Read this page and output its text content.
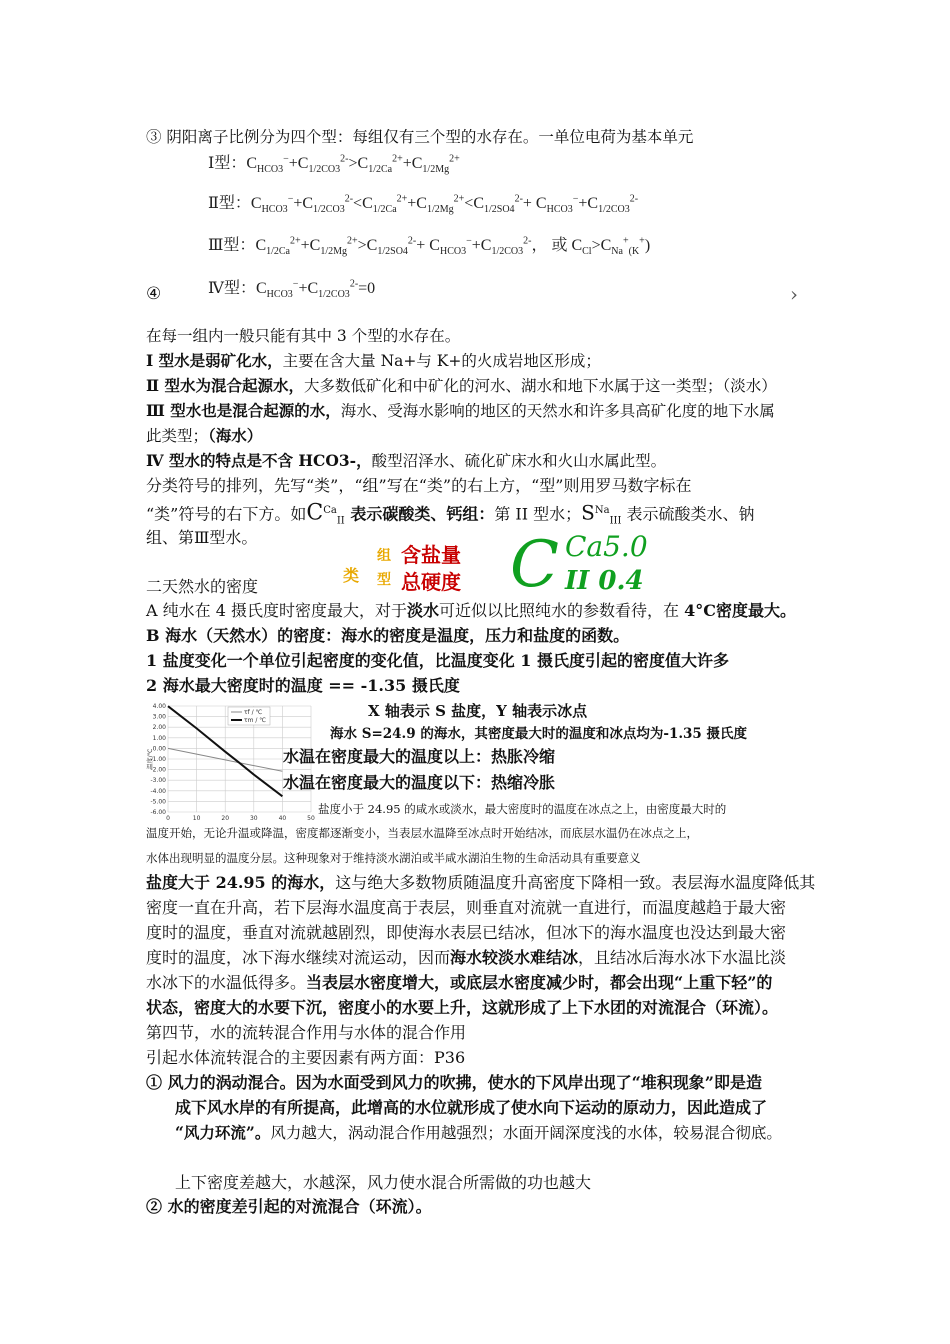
③ 阴阳离子比例分为四个型：每组仅有三个型的水存在。一单位电荷为基本单元
Ⅰ型：$C_{HCO3}^-+C_{1/2CO3}^{2-}>C_{1/2Ca}^{2+}+C_{1/2Mg}^{2+}$
Ⅱ型：$C_{HCO3}^-+C_{1/2CO3}^{2-}<C_{1/2Ca}^{2+}+C_{1/2Mg}^{2+}<C_{1/2SO4}^{2-}+ C_{HCO3}^-+C_{1/2CO3}^{2-}$
Ⅲ型：$C_{1/2Ca}^{2+}+C_{1/2Mg}^{2+}>C_{1/2SO4}^{2-}+ C_{HCO3}^-+C_{1/2CO3}^{2-}$， 或 $C_{Cl}>C_{Na}^+_{(K}^+$)
④	Ⅳ型：$C_{HCO3}^-+C_{1/2CO3}^{2-}=0$	›
在每一组内一般只能有其中 3 个型的水存在。
Ⅰ 型水是弱矿化水，主要在含大量 Na+与 K+的火成岩地区形成；
Ⅱ 型水为混合起源水，大多数低矿化和中矿化的河水、湖水和地下水属于这一类型；（淡水）
Ⅲ 型水也是混合起源的水，海水、受海水影响的地区的天然水和许多具高矿化度的地下水属
此类型；（海水）
Ⅳ 型水的特点是不含 HCO3-，酸型沼泽水、硫化矿床水和火山水属此型。
分类符号的排列，先写“类”，“组”写在“类”的右上方，“型”则用罗马数字标在
“类”符号的右下方。如$C^{Ca}_{II}$ 表示碳酸类、钙组：第 II 型水；$S^{Na}_{III}$ 表示硫酸类水、钠
组、第Ⅲ型水。
类
组
型
含盐量
总硬度 C Ca5.0
II 0.4
二天然水的密度
A 纯水在 4 摄氏度时密度最大，对于淡水可近似以比照纯水的参数看待，在 4°C密度最大。
B 海水（天然水）的密度：海水的密度是温度，压力和盐度的函数。
1 盐度变化一个单位引起密度的变化值，比温度变化 1 摄氏度引起的密度值大许多
2 海水最大密度时的温度 == -1.35 摄氏度
4.00
3.00
2.00
1.00
0.00
-1.00
-2.00
-3.00
-4.00
-5.00
-6.00
0	10	20	30	40	50
温度/℃
τf / ℃
τm / ℃
X 轴表示 S 盐度，Y 轴表示冰点
海水 S=24.9 的海水，其密度最大时的温度和冰点均为-1.35 摄氏度
水温在密度最大的温度以上：热胀冷缩
水温在密度最大的温度以下：热缩冷胀
盐度小于 24.95 的咸水或淡水，最大密度时的温度在冰点之上，由密度最大时的
温度开始，无论升温或降温，密度都逐渐变小，当表层水温降至冰点时开始结冰，而底层水温仍在冰点之上，
水体出现明显的温度分层。这种现象对于维持淡水湖泊或半咸水湖泊生物的生命活动具有重要意义
盐度大于 24.95 的海水，这与绝大多数物质随温度升高密度下降相一致。表层海水温度降低其
密度一直在升高，若下层海水温度高于表层，则垂直对流就一直进行，而温度越趋于最大密
度时的温度，垂直对流就越剧烈，即使海水表层已结冰，但冰下的海水温度也没达到最大密
度时的温度，冰下海水继续对流运动，因而海水较淡水难结冰，且结冰后海水冰下水温比淡
水冰下的水温低得多。当表层水密度增大，或底层水密度减少时，都会出现“上重下轻”的
状态，密度大的水要下沉，密度小的水要上升，这就形成了上下水团的对流混合（环流）。
第四节，水的流转混合作用与水体的混合作用
引起水体流转混合的主要因素有两方面：P36
① 风力的涡动混合。因为水面受到风力的吹拂，使水的下风岸出现了“堆积现象”即是造
成下风水岸的有所提高，此增高的水位就形成了使水向下运动的原动力，因此造成了
“风力环流”。风力越大，涡动混合作用越强烈；水面开阔深度浅的水体，较易混合彻底。
上下密度差越大，水越深，风力使水混合所需做的功也越大
② 水的密度差引起的对流混合（环流）。
